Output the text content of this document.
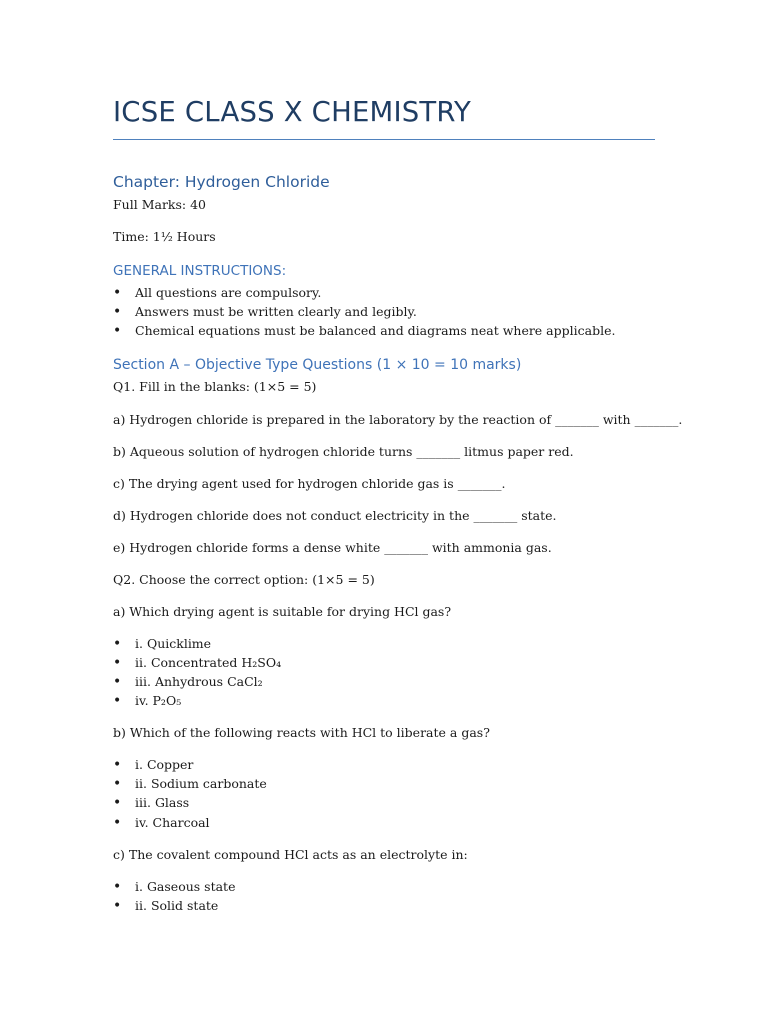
ICSE CLASS X CHEMISTRY
Chapter: Hydrogen Chloride
Full Marks: 40
Time: 1½ Hours
GENERAL INSTRUCTIONS:
• All questions are compulsory.
• Answers must be written clearly and legibly.
• Chemical equations must be balanced and diagrams neat where applicable.
Section A – Objective Type Questions (1 × 10 = 10 marks)
Q1. Fill in the blanks: (1×5 = 5)
a) Hydrogen chloride is prepared in the laboratory by the reaction of _______ with _______.
b) Aqueous solution of hydrogen chloride turns _______ litmus paper red.
c) The drying agent used for hydrogen chloride gas is _______.
d) Hydrogen chloride does not conduct electricity in the _______ state.
e) Hydrogen chloride forms a dense white _______ with ammonia gas.
Q2. Choose the correct option: (1×5 = 5)
a) Which drying agent is suitable for drying HCl gas?
• i. Quicklime
• ii. Concentrated H₂SO₄
• iii. Anhydrous CaCl₂
• iv. P₂O₅
b) Which of the following reacts with HCl to liberate a gas?
• i. Copper
• ii. Sodium carbonate
• iii. Glass
• iv. Charcoal
c) The covalent compound HCl acts as an electrolyte in:
• i. Gaseous state
• ii. Solid state
